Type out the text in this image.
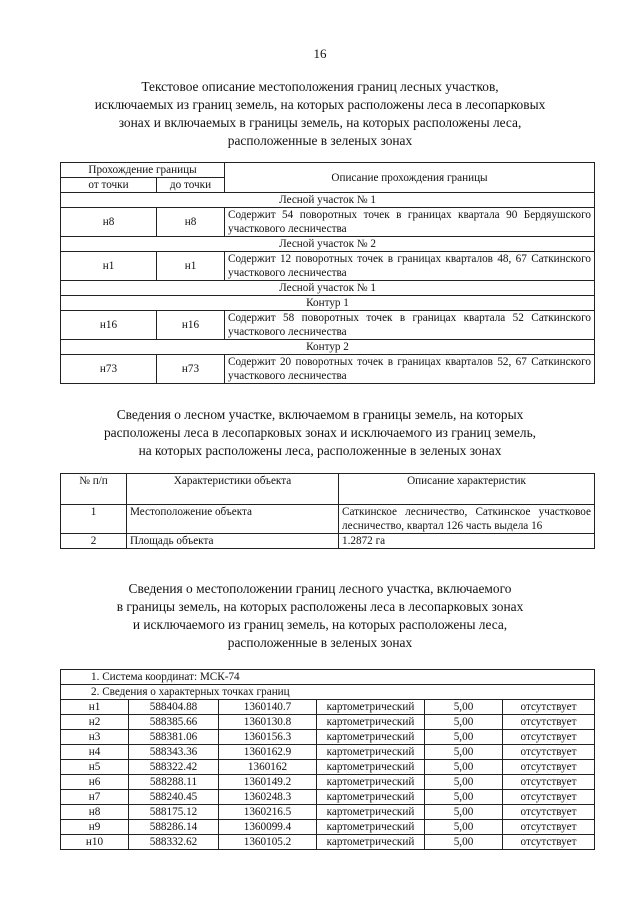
16
Текстовое описание местоположения границ лесных участков,
исключаемых из границ земель, на которых расположены леса в лесопарковых
зонах и включаемых в границы земель, на которых расположены леса,
расположенные в зеленых зонах
Прохождение границы		Описание прохождения границы
от точки	до точки	
Лесной участок № 1		
н8	н8	Содержит 54 поворотных точек в границах квартала 90 Бердяушского участкового лесничества
Лесной участок № 2		
н1	н1	Содержит 12 поворотных точек в границах кварталов 48, 67 Саткинского участкового лесничества
Лесной участок № 1		
Контур 1		
н16	н16	Содержит 58 поворотных точек в границах квартала 52 Саткинского участкового лесничества
Контур 2		
н73	н73	Содержит 20 поворотных точек в границах кварталов 52, 67 Саткинского участкового лесничества
Сведения о лесном участке, включаемом в границы земель, на которых
расположены леса в лесопарковых зонах и исключаемого из границ земель,
на которых расположены леса, расположенные в зеленых зонах
№ п/п	Характеристики объекта	Описание характеристик
1	Местоположение объекта	Саткинское лесничество, Саткинское участковое лесничество, квартал 126 часть выдела 16
2	Площадь объекта	1.2872 га
Сведения о местоположении границ лесного участка, включаемого
в границы земель, на которых расположены леса в лесопарковых зонах
и исключаемого из границ земель, на которых расположены леса,
расположенные в зеленых зонах
1. Система координат: МСК-74					
2. Сведения о характерных точках границ					
н1	588404.88	1360140.7	картометрический	5,00	отсутствует
н2	588385.66	1360130.8	картометрический	5,00	отсутствует
н3	588381.06	1360156.3	картометрический	5,00	отсутствует
н4	588343.36	1360162.9	картометрический	5,00	отсутствует
н5	588322.42	1360162	картометрический	5,00	отсутствует
н6	588288.11	1360149.2	картометрический	5,00	отсутствует
н7	588240.45	1360248.3	картометрический	5,00	отсутствует
н8	588175.12	1360216.5	картометрический	5,00	отсутствует
н9	588286.14	1360099.4	картометрический	5,00	отсутствует
н10	588332.62	1360105.2	картометрический	5,00	отсутствует
